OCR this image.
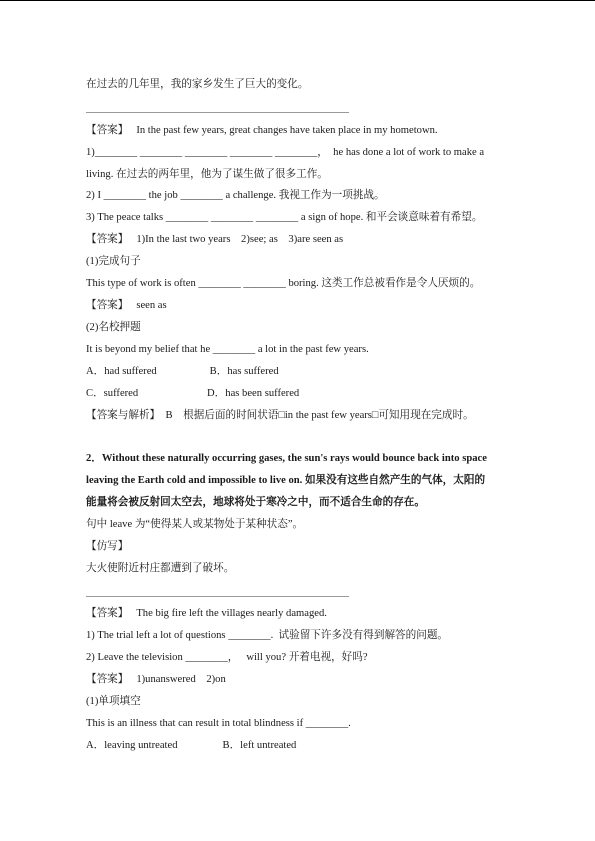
在过去的几年里，我的家乡发生了巨大的变化。

【答案】   In the past few years, great changes have taken place in my hometown.

1)________ ________ ________ ________ ________，  he has done a lot of work to make a

living. 在过去的两年里，他为了谋生做了很多工作。

2) I ________ the job ________ a challenge. 我视工作为一项挑战。

3) The peace talks ________ ________ ________ a sign of hope. 和平会谈意味着有希望。

【答案】   1)In the last two years    2)see; as    3)are seen as

(1)完成句子

This type of work is often ________ ________ boring. 这类工作总被看作是令人厌烦的。

【答案】   seen as

(2)名校押题

It is beyond my belief that he ________ a lot in the past few years.

A．had suffered                    B．has suffered

C．suffered                          D．has been suffered

【答案与解析】  B    根据后面的时间状语□in the past few years□可知用现在完成时。

2．Without these naturally occurring gases, the sun's rays would bounce back into space

leaving the Earth cold and impossible to live on. 如果没有这些自然产生的气体，太阳的

能量将会被反射回太空去，地球将处于寒冷之中，而不适合生命的存在。

句中 leave 为“使得某人或某物处于某种状态”。

【仿写】

大火使附近村庄都遭到了破坏。

【答案】   The big fire left the villages nearly damaged.

1) The trial left a lot of questions ________.  试验留下许多没有得到解答的问题。

2) Leave the television ________，   will you? 开着电视，好吗?

【答案】   1)unanswered    2)on

(1)单项填空

This is an illness that can result in total blindness if ________.

A．leaving untreated                 B．left untreated
